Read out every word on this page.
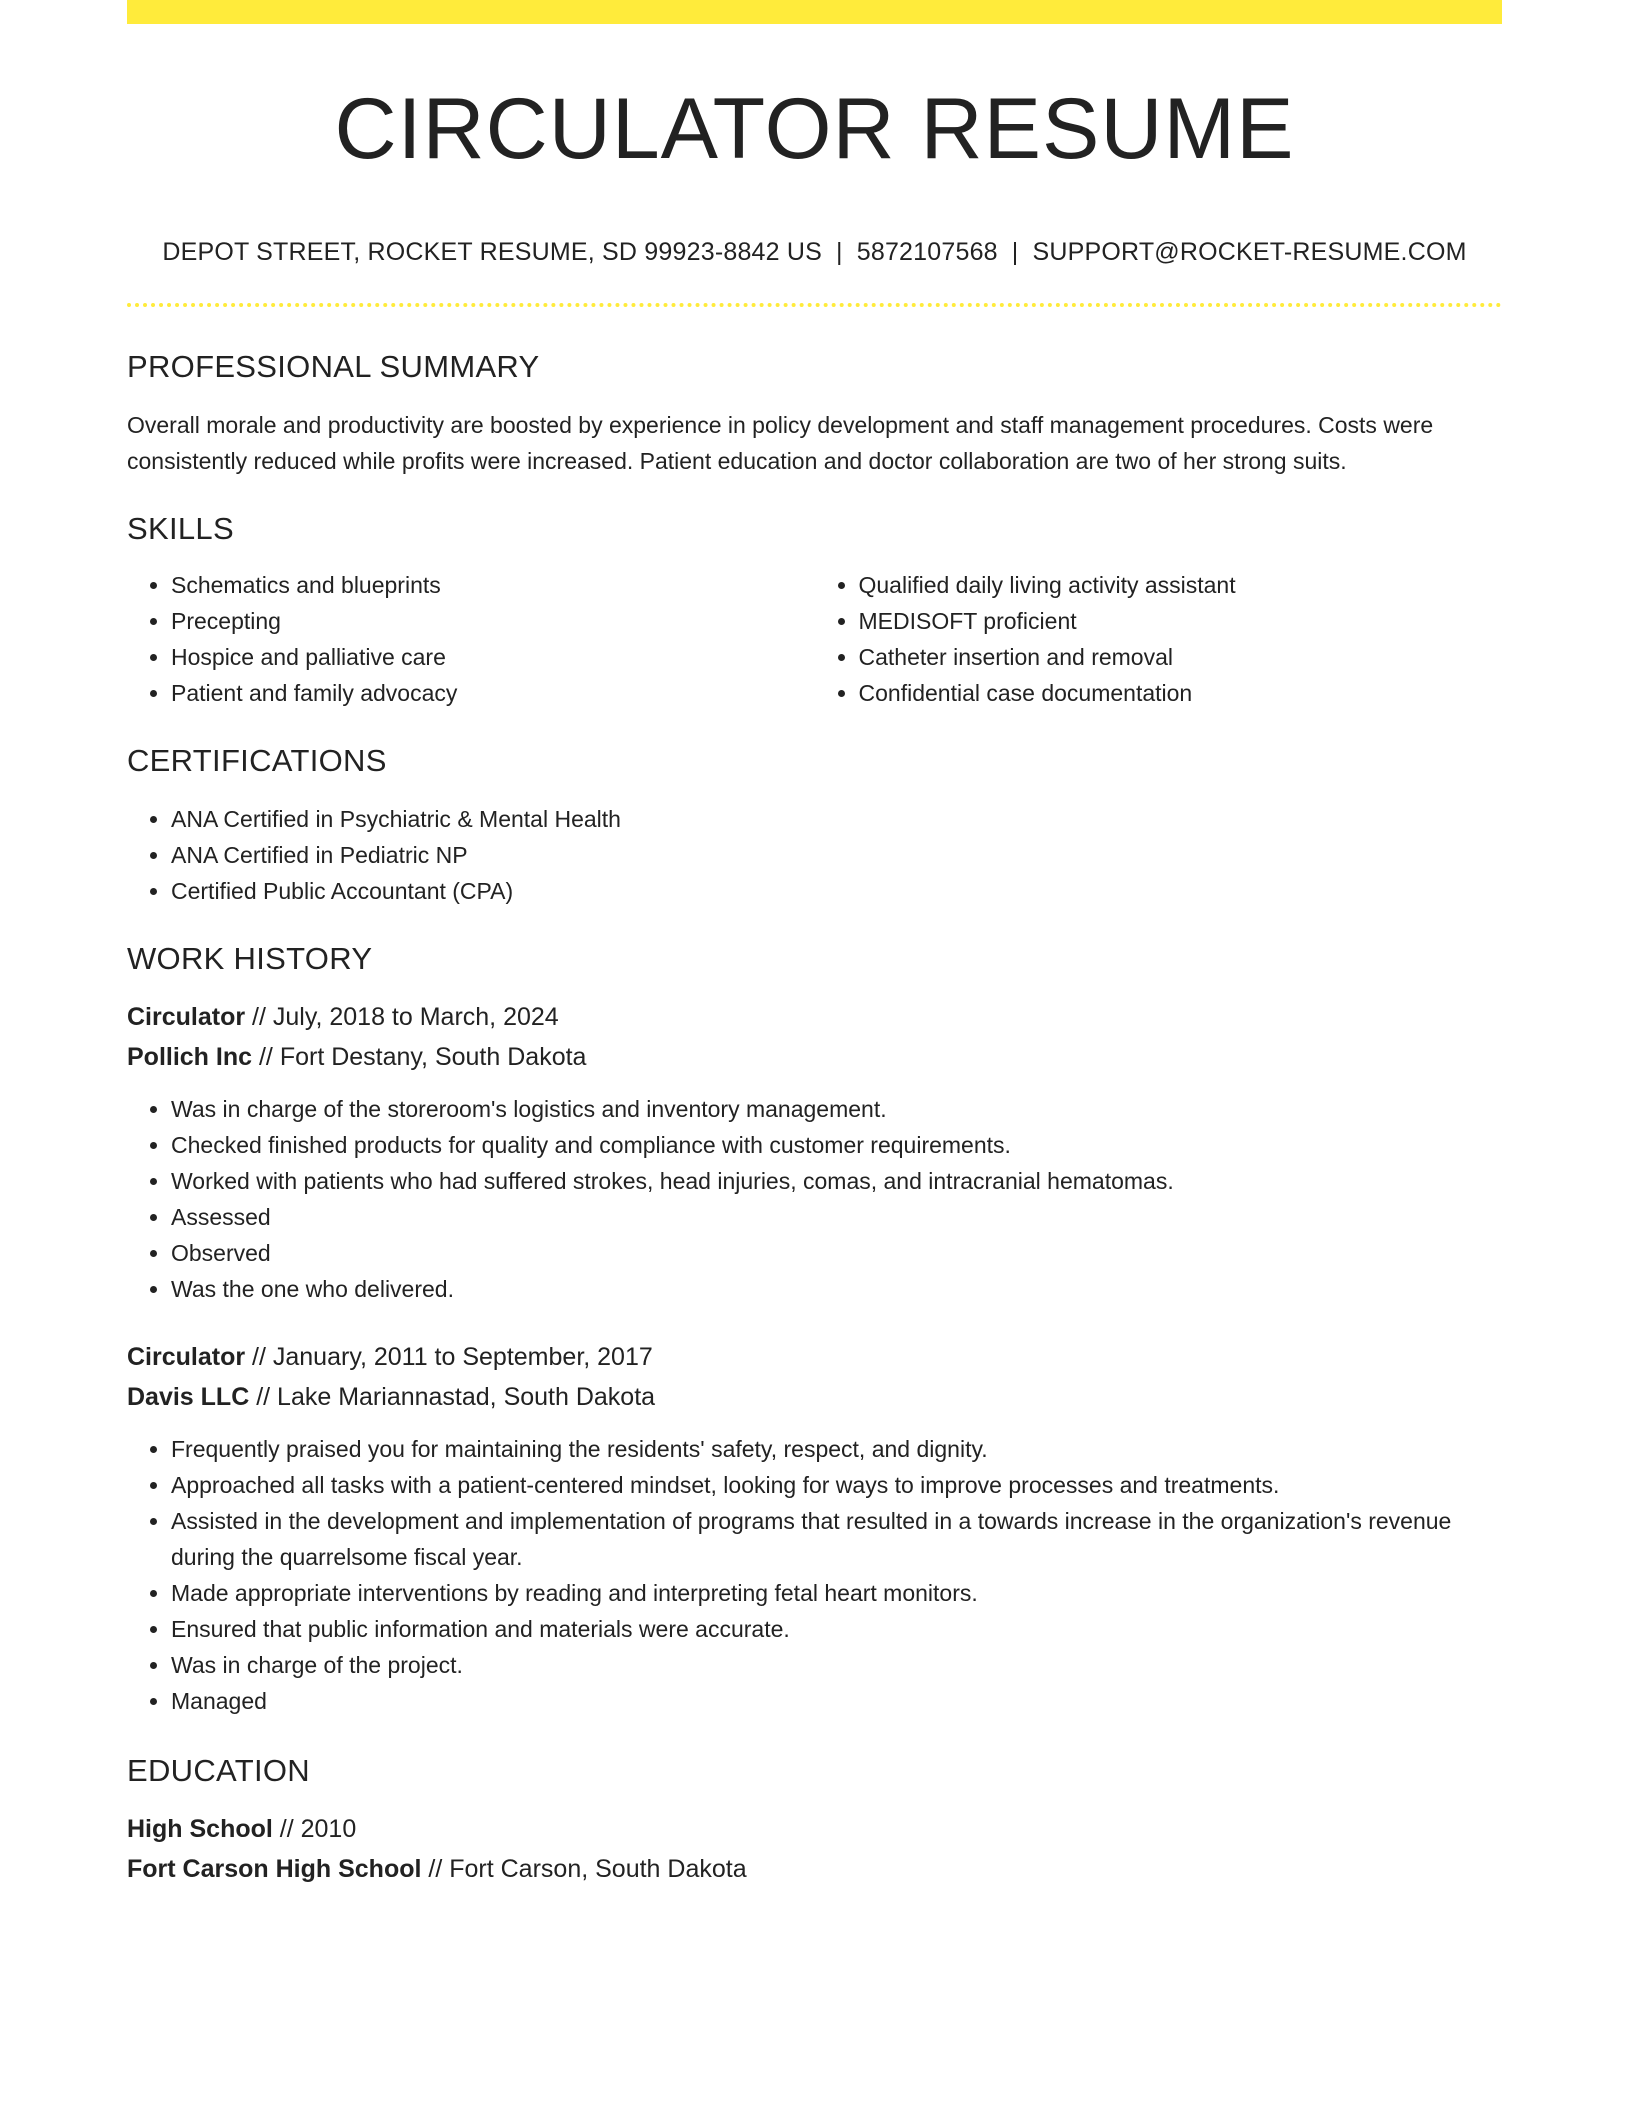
CIRCULATOR RESUME
DEPOT STREET, ROCKET RESUME, SD 99923-8842 US | 5872107568 | SUPPORT@ROCKET-RESUME.COM
PROFESSIONAL SUMMARY
Overall morale and productivity are boosted by experience in policy development and staff management procedures. Costs were consistently reduced while profits were increased. Patient education and doctor collaboration are two of her strong suits.
SKILLS
• Schematics and blueprints
• Precepting
• Hospice and palliative care
• Patient and family advocacy
• Qualified daily living activity assistant
• MEDISOFT proficient
• Catheter insertion and removal
• Confidential case documentation
CERTIFICATIONS
• ANA Certified in Psychiatric & Mental Health
• ANA Certified in Pediatric NP
• Certified Public Accountant (CPA)
WORK HISTORY
Circulator // July, 2018 to March, 2024
Pollich Inc // Fort Destany, South Dakota
• Was in charge of the storeroom's logistics and inventory management.
• Checked finished products for quality and compliance with customer requirements.
• Worked with patients who had suffered strokes, head injuries, comas, and intracranial hematomas.
• Assessed
• Observed
• Was the one who delivered.
Circulator // January, 2011 to September, 2017
Davis LLC // Lake Mariannastad, South Dakota
• Frequently praised you for maintaining the residents' safety, respect, and dignity.
• Approached all tasks with a patient-centered mindset, looking for ways to improve processes and treatments.
• Assisted in the development and implementation of programs that resulted in a towards increase in the organization's revenue during the quarrelsome fiscal year.
• Made appropriate interventions by reading and interpreting fetal heart monitors.
• Ensured that public information and materials were accurate.
• Was in charge of the project.
• Managed
EDUCATION
High School // 2010
Fort Carson High School // Fort Carson, South Dakota
